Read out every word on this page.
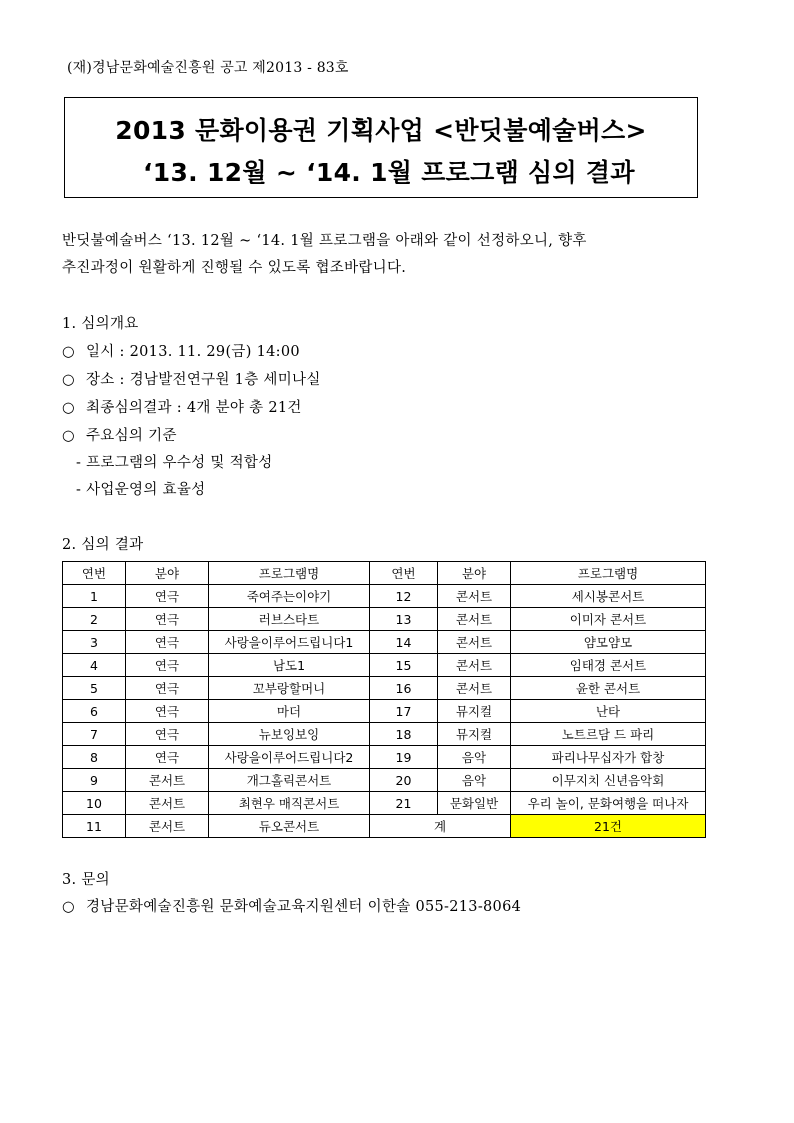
(재)경남문화예술진흥원 공고 제2013 - 83호
2013 문화이용권 기획사업 <반딧불예술버스>
‘13. 12월 ~ ‘14. 1월 프로그램 심의 결과
반딧불예술버스 ‘13. 12월 ~ ‘14. 1월 프로그램을 아래와 같이 선정하오니, 향후
추진과정이 원활하게 진행될 수 있도록 협조바랍니다.
1. 심의개요
○ 일시 : 2013. 11. 29(금) 14:00
○ 장소 : 경남발전연구원 1층 세미나실
○ 최종심의결과 : 4개 분야 총 21건
○ 주요심의 기준
- 프로그램의 우수성 및 적합성
- 사업운영의 효율성
2. 심의 결과
연번	분야	프로그램명	연번	분야	프로그램명
1	연극	죽여주는이야기	12	콘서트	세시봉콘서트
2	연극	러브스타트	13	콘서트	이미자 콘서트
3	연극	사랑을이루어드립니다1	14	콘서트	얌모얌모
4	연극	남도1	15	콘서트	임태경 콘서트
5	연극	꼬부랑할머니	16	콘서트	윤한 콘서트
6	연극	마더	17	뮤지컬	난타
7	연극	뉴보잉보잉	18	뮤지컬	노트르담 드 파리
8	연극	사랑을이루어드립니다2	19	음악	파리나무십자가 합창
9	콘서트	개그홀릭콘서트	20	음악	이무지치 신년음악회
10	콘서트	최현우 매직콘서트	21	문화일반	우리 놀이, 문화여행을 떠나자
11	콘서트	듀오콘서트	계		21건
3. 문의
○ 경남문화예술진흥원 문화예술교육지원센터 이한솔 055-213-8064
